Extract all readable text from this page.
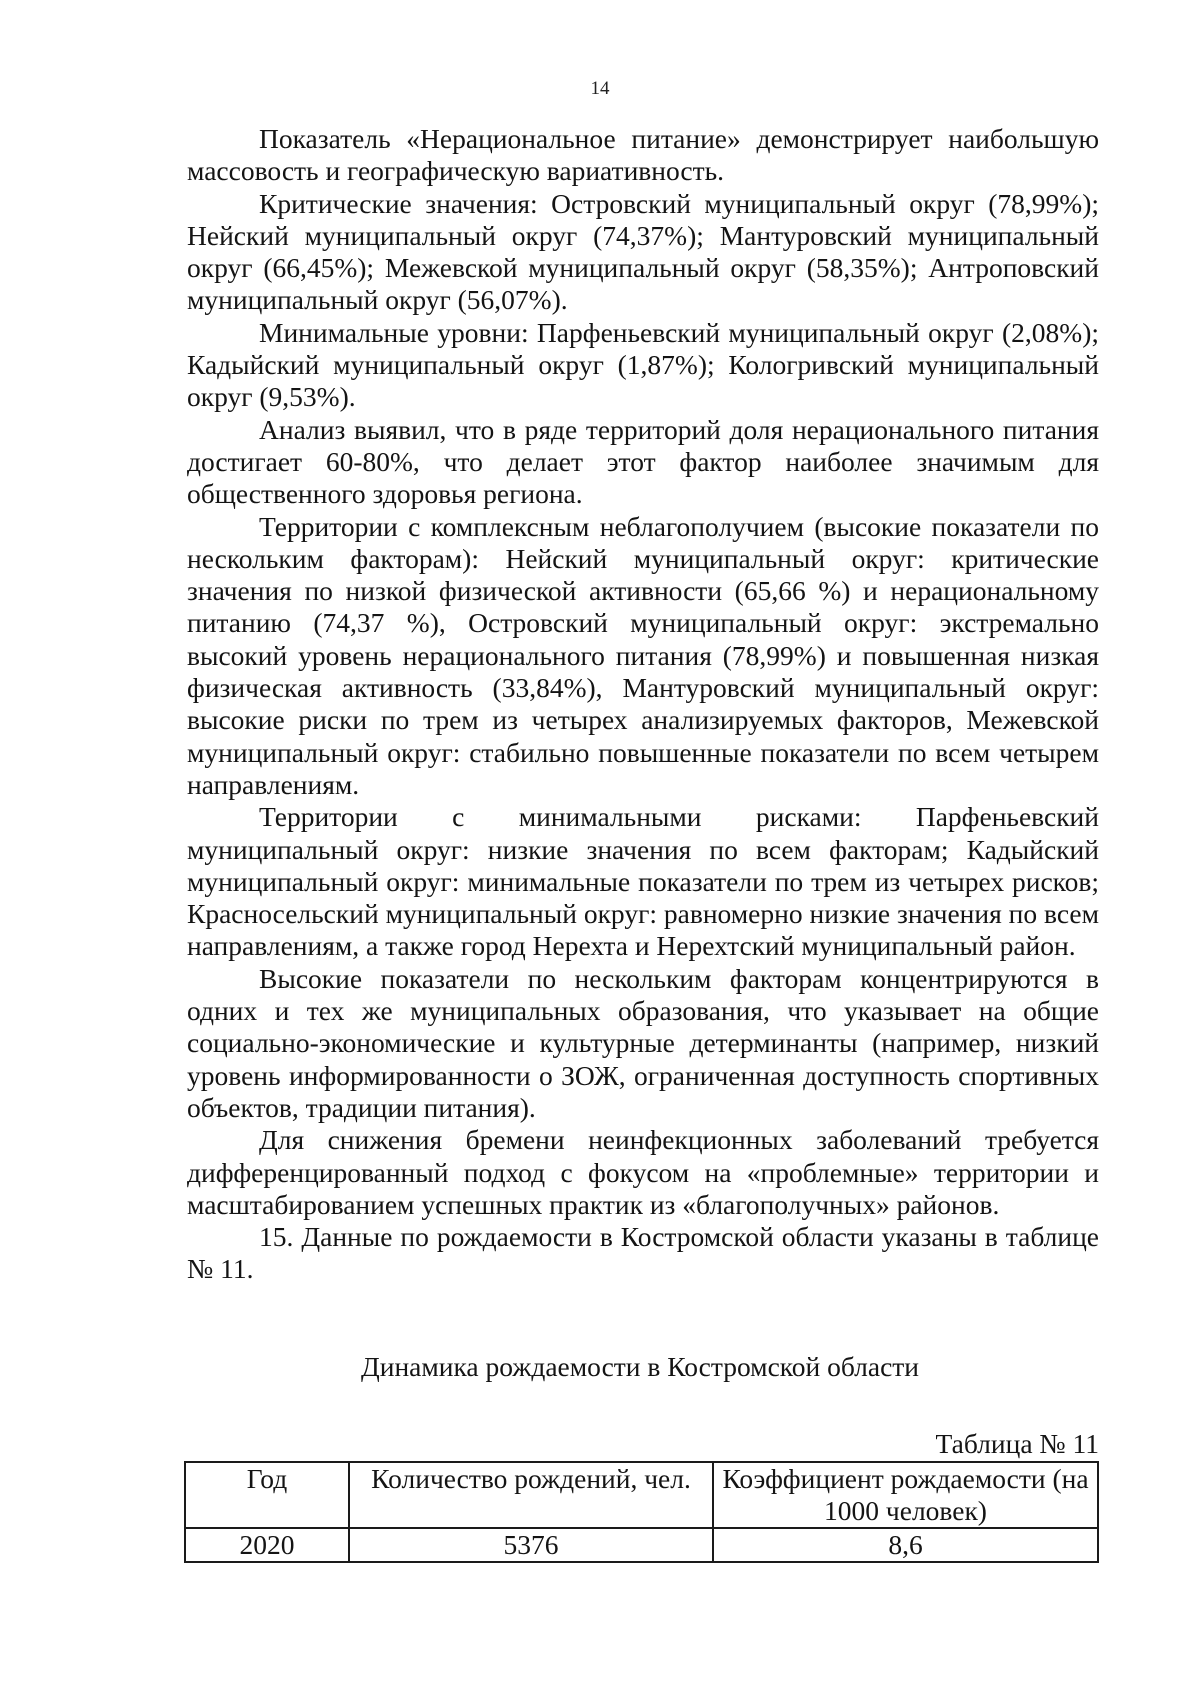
14

Показатель «Нерациональное питание» демонстрирует наибольшую массовость и географическую вариативность.

Критические значения: Островский муниципальный округ (78,99%); Нейский муниципальный округ (74,37%); Мантуровский муниципальный округ (66,45%); Межевской муниципальный округ (58,35%); Антроповский муниципальный округ (56,07%).

Минимальные уровни: Парфеньевский муниципальный округ (2,08%); Кадыйский муниципальный округ (1,87%); Кологривский муниципальный округ (9,53%).

Анализ выявил, что в ряде территорий доля нерационального питания достигает 60-80%, что делает этот фактор наиболее значимым для общественного здоровья региона.

Территории с комплексным неблагополучием (высокие показатели по нескольким факторам): Нейский муниципальный округ: критические значения по низкой физической активности (65,66 %) и нерациональному питанию (74,37 %), Островский муниципальный округ: экстремально высокий уровень нерационального питания (78,99%) и повышенная низкая физическая активность (33,84%), Мантуровский муниципальный округ: высокие риски по трем из четырех анализируемых факторов, Межевской муниципальный округ: стабильно повышенные показатели по всем четырем направлениям.

Территории с минимальными рисками: Парфеньевский муниципальный округ: низкие значения по всем факторам; Кадыйский муниципальный округ: минимальные показатели по трем из четырех рисков; Красносельский муниципальный округ: равномерно низкие значения по всем направлениям, а также город Нерехта и Нерехтский муниципальный район.

Высокие показатели по нескольким факторам концентрируются в одних и тех же муниципальных образования, что указывает на общие социально-экономические и культурные детерминанты (например, низкий уровень информированности о ЗОЖ, ограниченная доступность спортивных объектов, традиции питания).

Для снижения бремени неинфекционных заболеваний требуется дифференцированный подход с фокусом на «проблемные» территории и масштабированием успешных практик из «благополучных» районов.

15. Данные по рождаемости в Костромской области указаны в таблице № 11.

Динамика рождаемости в Костромской области
Таблица № 11
Год	Количество рождений, чел.	Коэффициент рождаемости (на 1000 человек)
2020	5376	8,6
